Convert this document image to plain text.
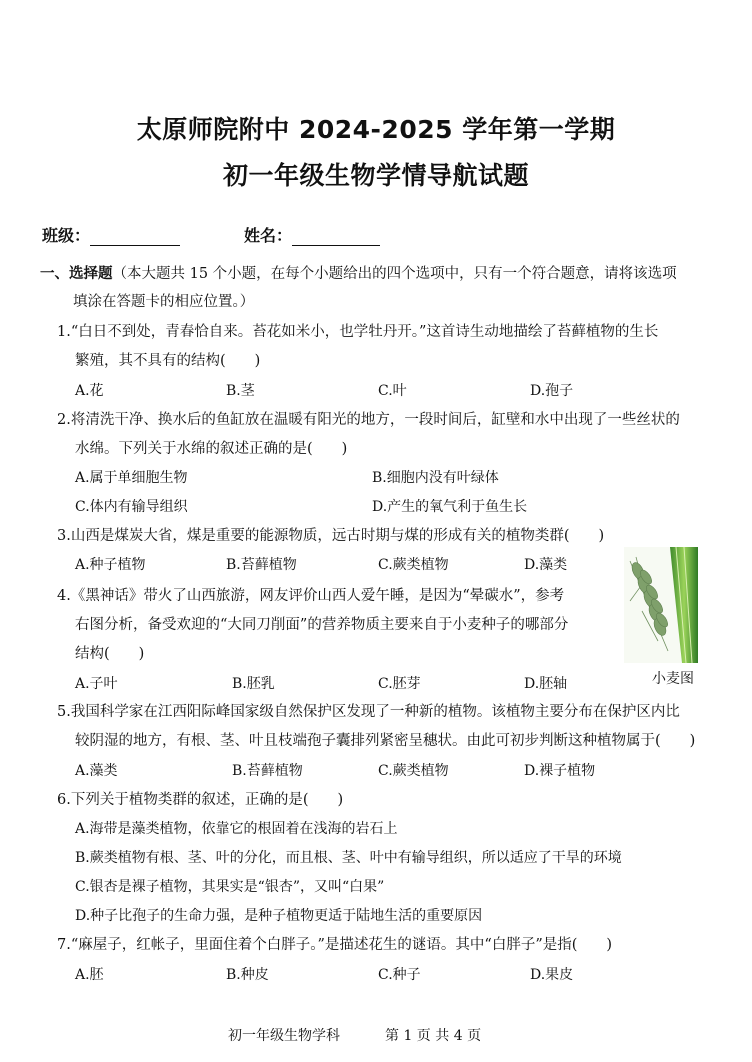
太原师院附中 2024-2025 学年第一学期
初一年级生物学情导航试题
班级：	姓名：
一、选择题（本大题共 15 个小题，在每个小题给出的四个选项中，只有一个符合题意，请将该选项
填涂在答题卡的相应位置。）
1.“白日不到处，青春恰自来。苔花如米小，也学牡丹开。”这首诗生动地描绘了苔藓植物的生长
繁殖，其不具有的结构(　　)
A.花	B.茎	C.叶	D.孢子
2.将清洗干净、换水后的鱼缸放在温暖有阳光的地方，一段时间后，缸壁和水中出现了一些丝状的
水绵。下列关于水绵的叙述正确的是(　　)
A.属于单细胞生物	B.细胞内没有叶绿体
C.体内有输导组织	D.产生的氧气利于鱼生长
3.山西是煤炭大省，煤是重要的能源物质，远古时期与煤的形成有关的植物类群(　　)
A.种子植物	B.苔藓植物	C.蕨类植物	D.藻类
小麦图
4.《黑神话》带火了山西旅游，网友评价山西人爱午睡，是因为“晕碳水”，参考
右图分析，备受欢迎的“大同刀削面”的营养物质主要来自于小麦种子的哪部分
结构(　　)
A.子叶	B.胚乳	C.胚芽	D.胚轴
5.我国科学家在江西阳际峰国家级自然保护区发现了一种新的植物。该植物主要分布在保护区内比
较阴湿的地方，有根、茎、叶且枝端孢子囊排列紧密呈穗状。由此可初步判断这种植物属于(　　)
A.藻类	B.苔藓植物	C.蕨类植物	D.裸子植物
6.下列关于植物类群的叙述，正确的是(　　)
A.海带是藻类植物，依靠它的根固着在浅海的岩石上
B.蕨类植物有根、茎、叶的分化，而且根、茎、叶中有输导组织，所以适应了干旱的环境
C.银杏是裸子植物，其果实是“银杏”，又叫“白果”
D.种子比孢子的生命力强，是种子植物更适于陆地生活的重要原因
7.“麻屋子，红帐子，里面住着个白胖子。”是描述花生的谜语。其中“白胖子”是指(　　)
A.胚	B.种皮	C.种子	D.果皮
初一年级生物学科	第 1 页 共 4 页
